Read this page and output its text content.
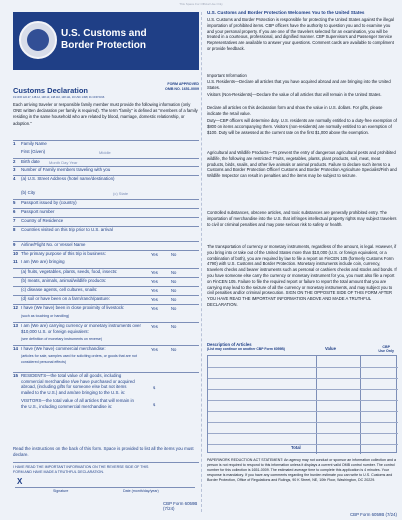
This Space For Official Use Only
U.S. Customs and
Border Protection
Customs Declaration
FORM APPROVED
OMB NO. 1651-0009
19 CFR 122.27, 148.12, 148.13, 148.110, 148.111, 19 USC 1498; 31 CFR 5316
Each arriving traveler or responsible family member must provide the following information (only ONE written declaration per family is required). The term "family" is defined as "members of a family residing in the same household who are related by blood, marriage, domestic relationship, or adoption."
1 Family Name
First (Given)	Middle
2 Birth date Month Day Year
3 Number of Family members traveling with you
4 (a) U.S. Street Address (hotel name/destination)
(b) City	(c) State
5 Passport issued by (country)
6 Passport number
7 Country of Residence
8 Countries visited on this trip prior to U.S. arrival
9 Airline/Flight No. or Vessel Name
10 The primary purpose of this trip is business:	Yes	No
11 I am (We are) bringing
(a) fruits, vegetables, plants, seeds, food, insects:	Yes	No
(b) meats, animals, animal/wildlife products:	Yes	No
(c) disease agents, cell cultures, snails:	Yes	No
(d) soil or have been on a farm/ranch/pasture:	Yes	No
12 I have (We have) been in close proximity of livestock:	Yes	No
(such as touching or handling)
13 I am (We are) carrying currency or monetary instruments over $10,000 U.S. or foreign equivalent:
Yes	No
(see definition of monetary instruments on reverse)
14 I have (We have) commercial merchandise:	Yes	No
(articles for sale, samples used for soliciting orders, or goods that are not considered personal effects)
15 RESIDENTS—the total value of all goods, including commercial merchandise I/we have purchased or acquired abroad, (including gifts for someone else but not items mailed to the U.S.) and am/are bringing to the U.S. is:
$
VISITORS—the total value of all articles that will remain in the U.S., including commercial merchandise is:	$
Read the instructions on the back of this form. Space is provided to list all the items you must declare.
I HAVE READ THE IMPORTANT INFORMATION ON THE REVERSE SIDE OF THIS FORM AND HAVE MADE A TRUTHFUL DECLARATION.
X
Signature	Date (month/day/year)
CBP Form 6059B (7/24)
U.S. Customs and Border Protection Welcomes You to the United States
U.S. Customs and Border Protection is responsible for protecting the United States against the illegal importation of prohibited items. CBP officers have the authority to question you and to examine you and your personal property. If you are one of the travelers selected for an examination, you will be treated in a courteous, professional, and dignified manner. CBP Supervisors and Passenger Service Representatives are available to answer your questions. Comment cards are available to compliment or provide feedback.
Important Information
U.S. Residents—Declare all articles that you have acquired abroad and are bringing into the United States.
Visitors (Non-Residents)—Declare the value of all articles that will remain in the United States.
Declare all articles on this declaration form and show the value in U.S. dollars. For gifts, please indicate the retail value.
Duty—CBP officers will determine duty. U.S. residents are normally entitled to a duty-free exemption of $800 on items accompanying them. Visitors (non-residents) are normally entitled to an exemption of $100. Duty will be assessed at the current rate on the first $1,000 above the exemption.
Agricultural and Wildlife Products—To prevent the entry of dangerous agricultural pests and prohibited wildlife, the following are restricted: Fruits, vegetables, plants, plant products, soil, meat, meat products, birds, snails, and other live animals or animal products. Failure to declare such items to a Customs and Border Protection Officer/ Customs and Border Protection Agriculture Specialist/Fish and Wildlife Inspector can result in penalties and the items may be subject to seizure.
Controlled substances, obscene articles, and toxic substances are generally prohibited entry. The importation of merchandise into the U.S. that infringes intellectual property rights may subject travelers to civil or criminal penalties and may pose serious risk to safety or health.
The transportation of currency or monetary instruments, regardless of the amount, is legal. However, if you bring into or take out of the United States more than $10,000 (U.S. or foreign equivalent, or a combination of both), you are required by law to file a report on FinCEN 105 (formerly Customs Form 4790) with U.S. Customs and Border Protection. Monetary instruments include coin, currency, travelers checks and bearer instruments such as personal or cashiers checks and stocks and bonds. If you have someone else carry the currency or monetary instrument for you, you must also file a report on FinCEN 105. Failure to file the required report or failure to report the total amount that you are carrying may lead to the seizure of all the currency or monetary instruments, and may subject you to civil penalties and/or criminal prosecution. SIGN ON THE OPPOSITE SIDE OF THIS FORM AFTER YOU HAVE READ THE IMPORTANT INFORMATION ABOVE AND MADE A TRUTHFUL DECLARATION.
Description of Articles
(List may continue on another CBP Form 6059B)	Value	CBP
Use Only
Total
PAPERWORK REDUCTION ACT STATEMENT: An agency may not conduct or sponsor an information collection and a person is not required to respond to this information unless it displays a current valid OMB control number. The control number for this collection is 1651-0009. The estimated average time to complete this application is 4 minutes. Your response is mandatory. If you have any comments regarding the burden estimate you can write to U.S. Customs and Border Protection, Office of Regulations and Rulings, 90 K Street, NE, 10th Floor, Washington, DC 20229.
CBP Form 6059B (7/24)
